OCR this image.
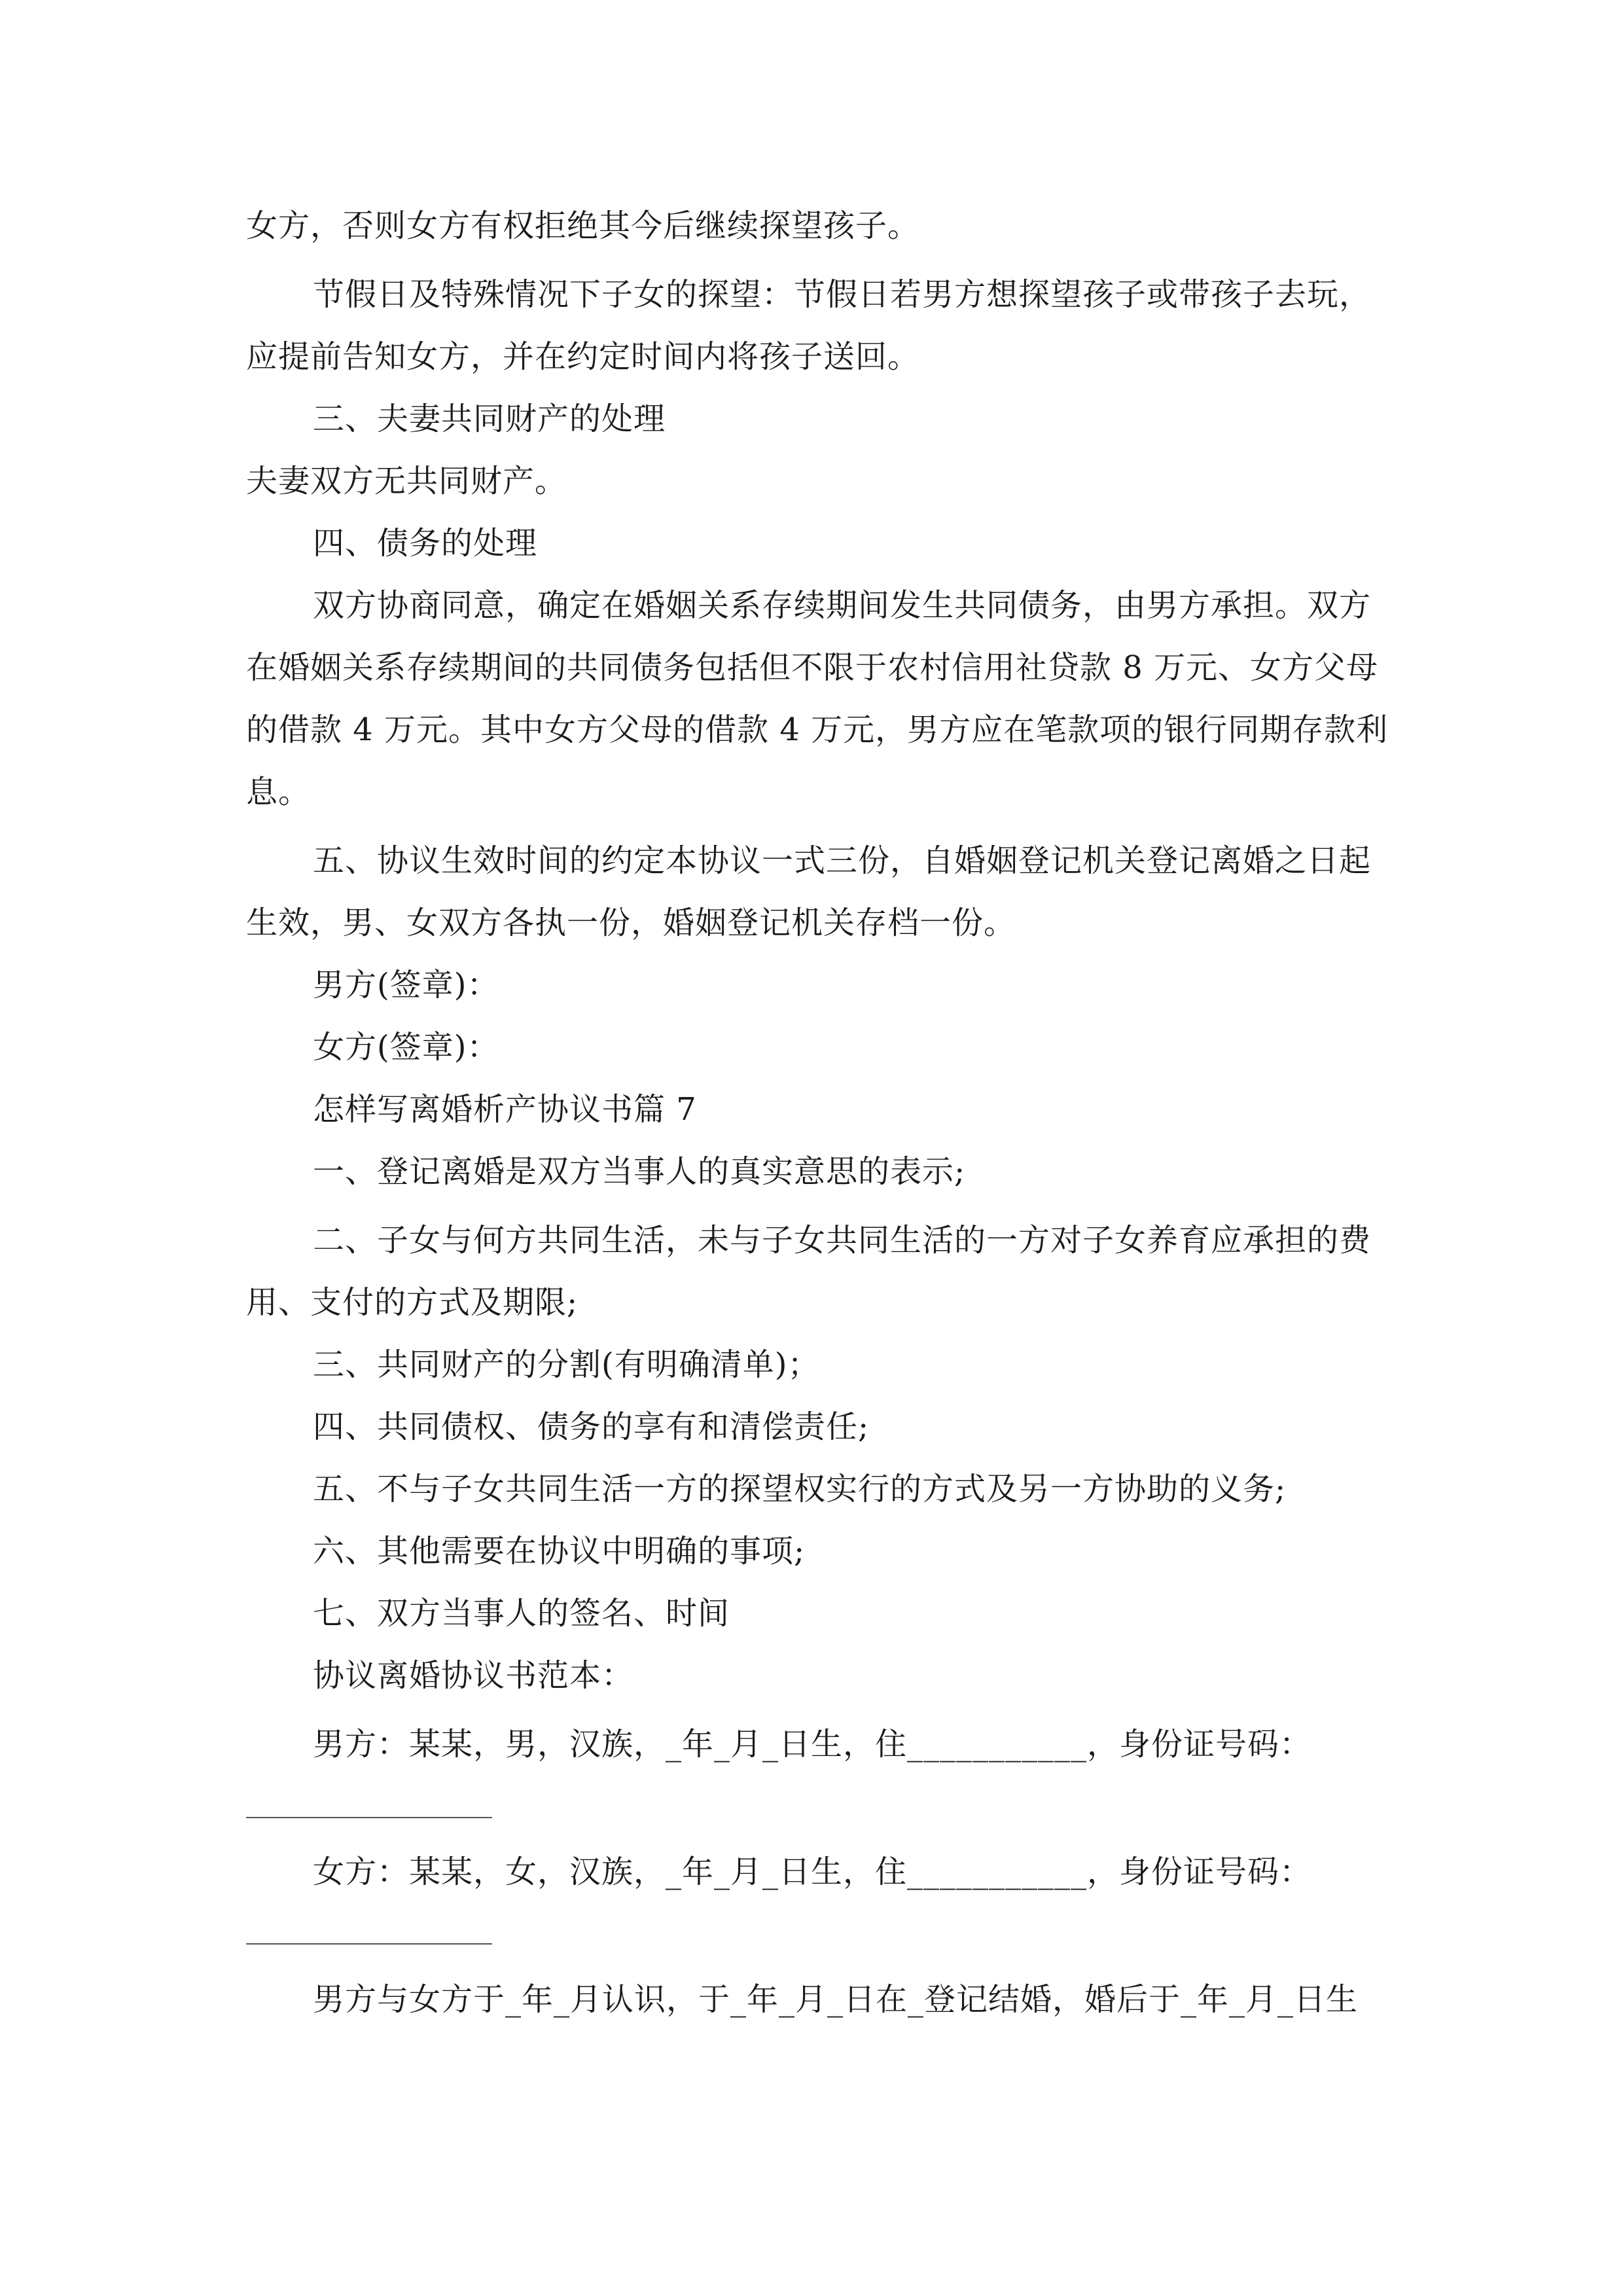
女方，否则女方有权拒绝其今后继续探望孩子。
节假日及特殊情况下子女的探望：节假日若男方想探望孩子或带孩子去玩，
应提前告知女方，并在约定时间内将孩子送回。
三、夫妻共同财产的处理
夫妻双方无共同财产。
四、债务的处理
双方协商同意，确定在婚姻关系存续期间发生共同债务，由男方承担。双方
在婚姻关系存续期间的共同债务包括但不限于农村信用社贷款 8 万元、女方父母
的借款 4 万元。其中女方父母的借款 4 万元，男方应在笔款项的银行同期存款利
息。
五、协议生效时间的约定本协议一式三份，自婚姻登记机关登记离婚之日起
生效，男、女双方各执一份，婚姻登记机关存档一份。
男方(签章)：
女方(签章)：
怎样写离婚析产协议书篇 7
一、登记离婚是双方当事人的真实意思的表示;
二、子女与何方共同生活，未与子女共同生活的一方对子女养育应承担的费
用、支付的方式及期限;
三、共同财产的分割(有明确清单)；
四、共同债权、债务的享有和清偿责任;
五、不与子女共同生活一方的探望权实行的方式及另一方协助的义务;
六、其他需要在协议中明确的事项;
七、双方当事人的签名、时间
协议离婚协议书范本：
男方：某某，男，汉族，_年_月_日生，住___________，身份证号码：
女方：某某，女，汉族，_年_月_日生，住___________，身份证号码：
男方与女方于_年_月认识，于_年_月_日在_登记结婚，婚后于_年_月_日生
